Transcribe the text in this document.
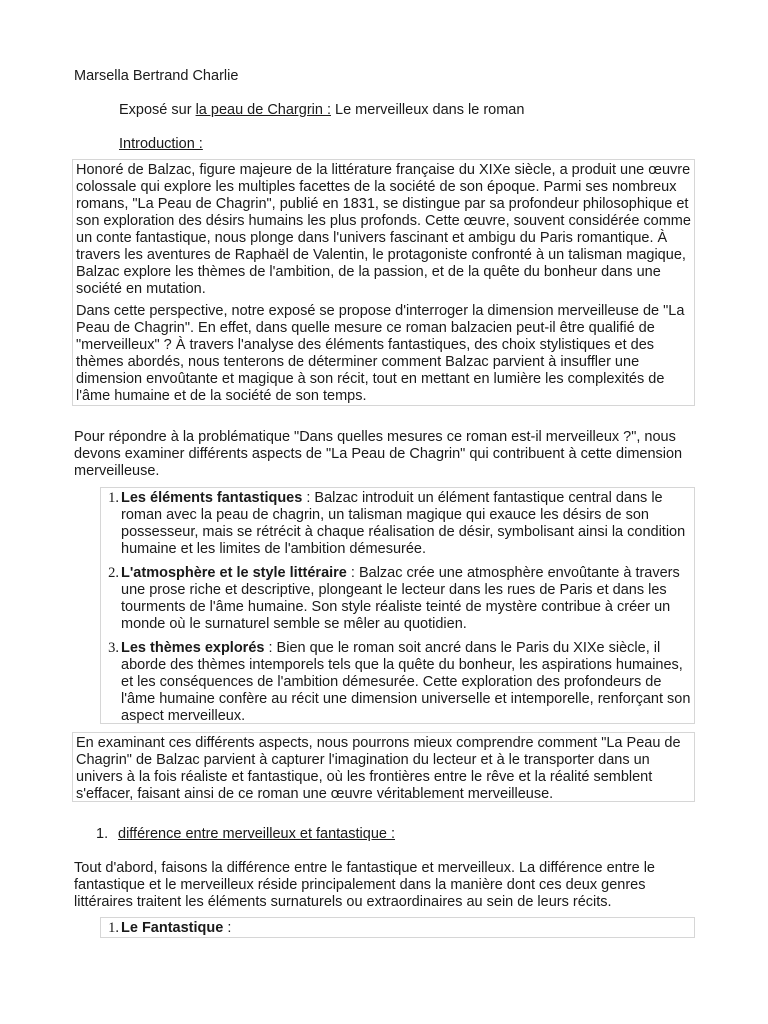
Marsella Bertrand Charlie

Exposé sur la peau de Chargrin : Le merveilleux dans le roman

Introduction :

Honoré de Balzac, figure majeure de la littérature française du XIXe siècle, a produit une œuvre colossale qui explore les multiples facettes de la société de son époque. Parmi ses nombreux romans, "La Peau de Chagrin", publié en 1831, se distingue par sa profondeur philosophique et son exploration des désirs humains les plus profonds. Cette œuvre, souvent considérée comme un conte fantastique, nous plonge dans l'univers fascinant et ambigu du Paris romantique. À travers les aventures de Raphaël de Valentin, le protagoniste confronté à un talisman magique, Balzac explore les thèmes de l'ambition, de la passion, et de la quête du bonheur dans une société en mutation.

Dans cette perspective, notre exposé se propose d'interroger la dimension merveilleuse de "La Peau de Chagrin". En effet, dans quelle mesure ce roman balzacien peut-il être qualifié de "merveilleux" ? À travers l'analyse des éléments fantastiques, des choix stylistiques et des thèmes abordés, nous tenterons de déterminer comment Balzac parvient à insuffler une dimension envoûtante et magique à son récit, tout en mettant en lumière les complexités de l'âme humaine et de la société de son temps.

Pour répondre à la problématique "Dans quelles mesures ce roman est-il merveilleux ?", nous devons examiner différents aspects de "La Peau de Chagrin" qui contribuent à cette dimension merveilleuse.

1. Les éléments fantastiques : Balzac introduit un élément fantastique central dans le roman avec la peau de chagrin, un talisman magique qui exauce les désirs de son possesseur, mais se rétrécit à chaque réalisation de désir, symbolisant ainsi la condition humaine et les limites de l'ambition démesurée.
2. L'atmosphère et le style littéraire : Balzac crée une atmosphère envoûtante à travers une prose riche et descriptive, plongeant le lecteur dans les rues de Paris et dans les tourments de l'âme humaine. Son style réaliste teinté de mystère contribue à créer un monde où le surnaturel semble se mêler au quotidien.
3. Les thèmes explorés : Bien que le roman soit ancré dans le Paris du XIXe siècle, il aborde des thèmes intemporels tels que la quête du bonheur, les aspirations humaines, et les conséquences de l'ambition démesurée. Cette exploration des profondeurs de l'âme humaine confère au récit une dimension universelle et intemporelle, renforçant son aspect merveilleux.

En examinant ces différents aspects, nous pourrons mieux comprendre comment "La Peau de Chagrin" de Balzac parvient à capturer l'imagination du lecteur et à le transporter dans un univers à la fois réaliste et fantastique, où les frontières entre le rêve et la réalité semblent s'effacer, faisant ainsi de ce roman une œuvre véritablement merveilleuse.

1. différence entre merveilleux et fantastique :

Tout d'abord, faisons la différence entre le fantastique et merveilleux. La différence entre le fantastique et le merveilleux réside principalement dans la manière dont ces deux genres littéraires traitent les éléments surnaturels ou extraordinaires au sein de leurs récits.

1. Le Fantastique :
